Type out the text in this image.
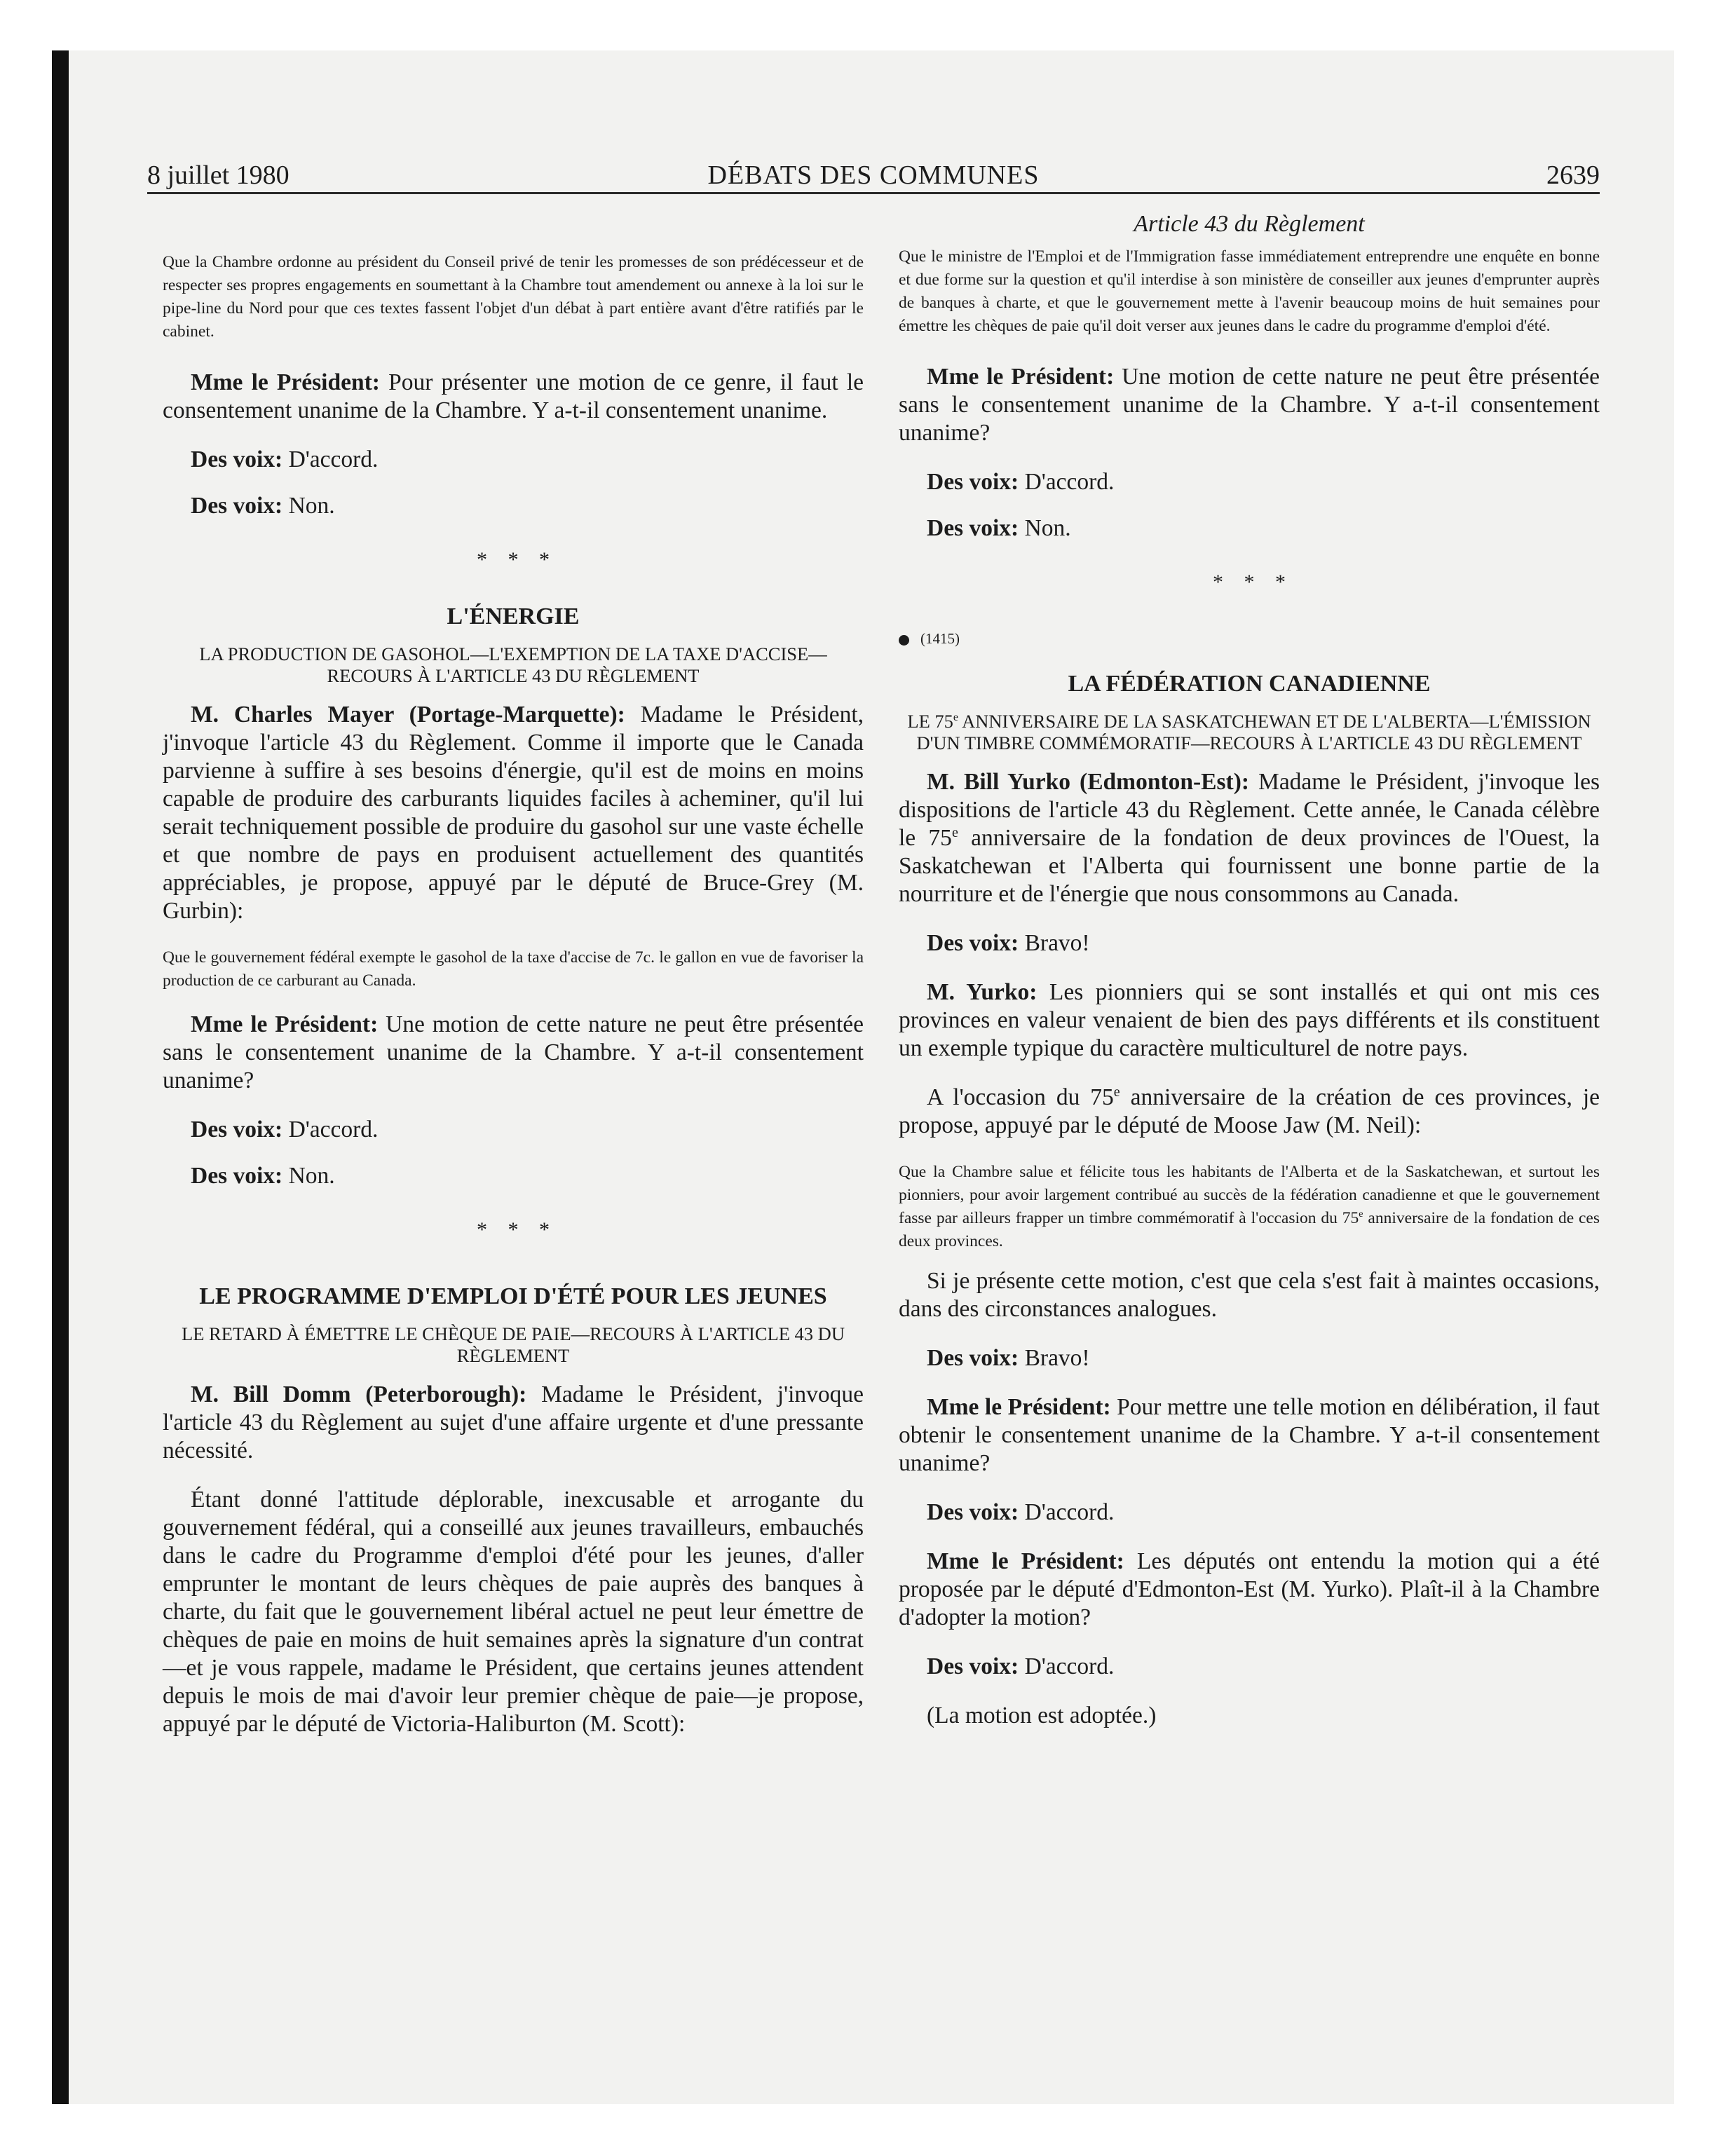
8 juillet 1980	DÉBATS DES COMMUNES	2639

Que la Chambre ordonne au président du Conseil privé de tenir les promesses de son prédécesseur et de respecter ses propres engagements en soumettant à la Chambre tout amendement ou annexe à la loi sur le pipe-line du Nord pour que ces textes fassent l'objet d'un débat à part entière avant d'être ratifiés par le cabinet.

Mme le Président: Pour présenter une motion de ce genre, il faut le consentement unanime de la Chambre. Y a-t-il consentement unanime.

Des voix: D'accord.

Des voix: Non.

* * *
L'ÉNERGIE
LA PRODUCTION DE GASOHOL—L'EXEMPTION DE LA TAXE D'ACCISE—RECOURS À L'ARTICLE 43 DU RÈGLEMENT

M. Charles Mayer (Portage-Marquette): Madame le Président, j'invoque l'article 43 du Règlement. Comme il importe que le Canada parvienne à suffire à ses besoins d'énergie, qu'il est de moins en moins capable de produire des carburants liquides faciles à acheminer, qu'il lui serait techniquement possible de produire du gasohol sur une vaste échelle et que nombre de pays en produisent actuellement des quantités appréciables, je propose, appuyé par le député de Bruce-Grey (M. Gurbin):

Que le gouvernement fédéral exempte le gasohol de la taxe d'accise de 7c. le gallon en vue de favoriser la production de ce carburant au Canada.

Mme le Président: Une motion de cette nature ne peut être présentée sans le consentement unanime de la Chambre. Y a-t-il consentement unanime?

Des voix: D'accord.

Des voix: Non.

* * *
LE PROGRAMME D'EMPLOI D'ÉTÉ POUR LES JEUNES
LE RETARD À ÉMETTRE LE CHÈQUE DE PAIE—RECOURS À L'ARTICLE 43 DU RÈGLEMENT

M. Bill Domm (Peterborough): Madame le Président, j'invoque l'article 43 du Règlement au sujet d'une affaire urgente et d'une pressante nécessité.

Étant donné l'attitude déplorable, inexcusable et arrogante du gouvernement fédéral, qui a conseillé aux jeunes travailleurs, embauchés dans le cadre du Programme d'emploi d'été pour les jeunes, d'aller emprunter le montant de leurs chèques de paie auprès des banques à charte, du fait que le gouvernement libéral actuel ne peut leur émettre de chèques de paie en moins de huit semaines après la signature d'un contrat—et je vous rappele, madame le Président, que certains jeunes attendent depuis le mois de mai d'avoir leur premier chèque de paie—je propose, appuyé par le député de Victoria-Haliburton (M. Scott):

Article 43 du Règlement

Que le ministre de l'Emploi et de l'Immigration fasse immédiatement entreprendre une enquête en bonne et due forme sur la question et qu'il interdise à son ministère de conseiller aux jeunes d'emprunter auprès de banques à charte, et que le gouvernement mette à l'avenir beaucoup moins de huit semaines pour émettre les chèques de paie qu'il doit verser aux jeunes dans le cadre du programme d'emploi d'été.

Mme le Président: Une motion de cette nature ne peut être présentée sans le consentement unanime de la Chambre. Y a-t-il consentement unanime?

Des voix: D'accord.

Des voix: Non.

* * *
(1415)
LA FÉDÉRATION CANADIENNE
LE 75e ANNIVERSAIRE DE LA SASKATCHEWAN ET DE L'ALBERTA—L'ÉMISSION D'UN TIMBRE COMMÉMORATIF—RECOURS À L'ARTICLE 43 DU RÈGLEMENT

M. Bill Yurko (Edmonton-Est): Madame le Président, j'invoque les dispositions de l'article 43 du Règlement. Cette année, le Canada célèbre le 75e anniversaire de la fondation de deux provinces de l'Ouest, la Saskatchewan et l'Alberta qui fournissent une bonne partie de la nourriture et de l'énergie que nous consommons au Canada.

Des voix: Bravo!

M. Yurko: Les pionniers qui se sont installés et qui ont mis ces provinces en valeur venaient de bien des pays différents et ils constituent un exemple typique du caractère multiculturel de notre pays.

A l'occasion du 75e anniversaire de la création de ces provinces, je propose, appuyé par le député de Moose Jaw (M. Neil):

Que la Chambre salue et félicite tous les habitants de l'Alberta et de la Saskatchewan, et surtout les pionniers, pour avoir largement contribué au succès de la fédération canadienne et que le gouvernement fasse par ailleurs frapper un timbre commémoratif à l'occasion du 75e anniversaire de la fondation de ces deux provinces.

Si je présente cette motion, c'est que cela s'est fait à maintes occasions, dans des circonstances analogues.

Des voix: Bravo!

Mme le Président: Pour mettre une telle motion en délibération, il faut obtenir le consentement unanime de la Chambre. Y a-t-il consentement unanime?

Des voix: D'accord.

Mme le Président: Les députés ont entendu la motion qui a été proposée par le député d'Edmonton-Est (M. Yurko). Plaît-il à la Chambre d'adopter la motion?

Des voix: D'accord.

(La motion est adoptée.)
